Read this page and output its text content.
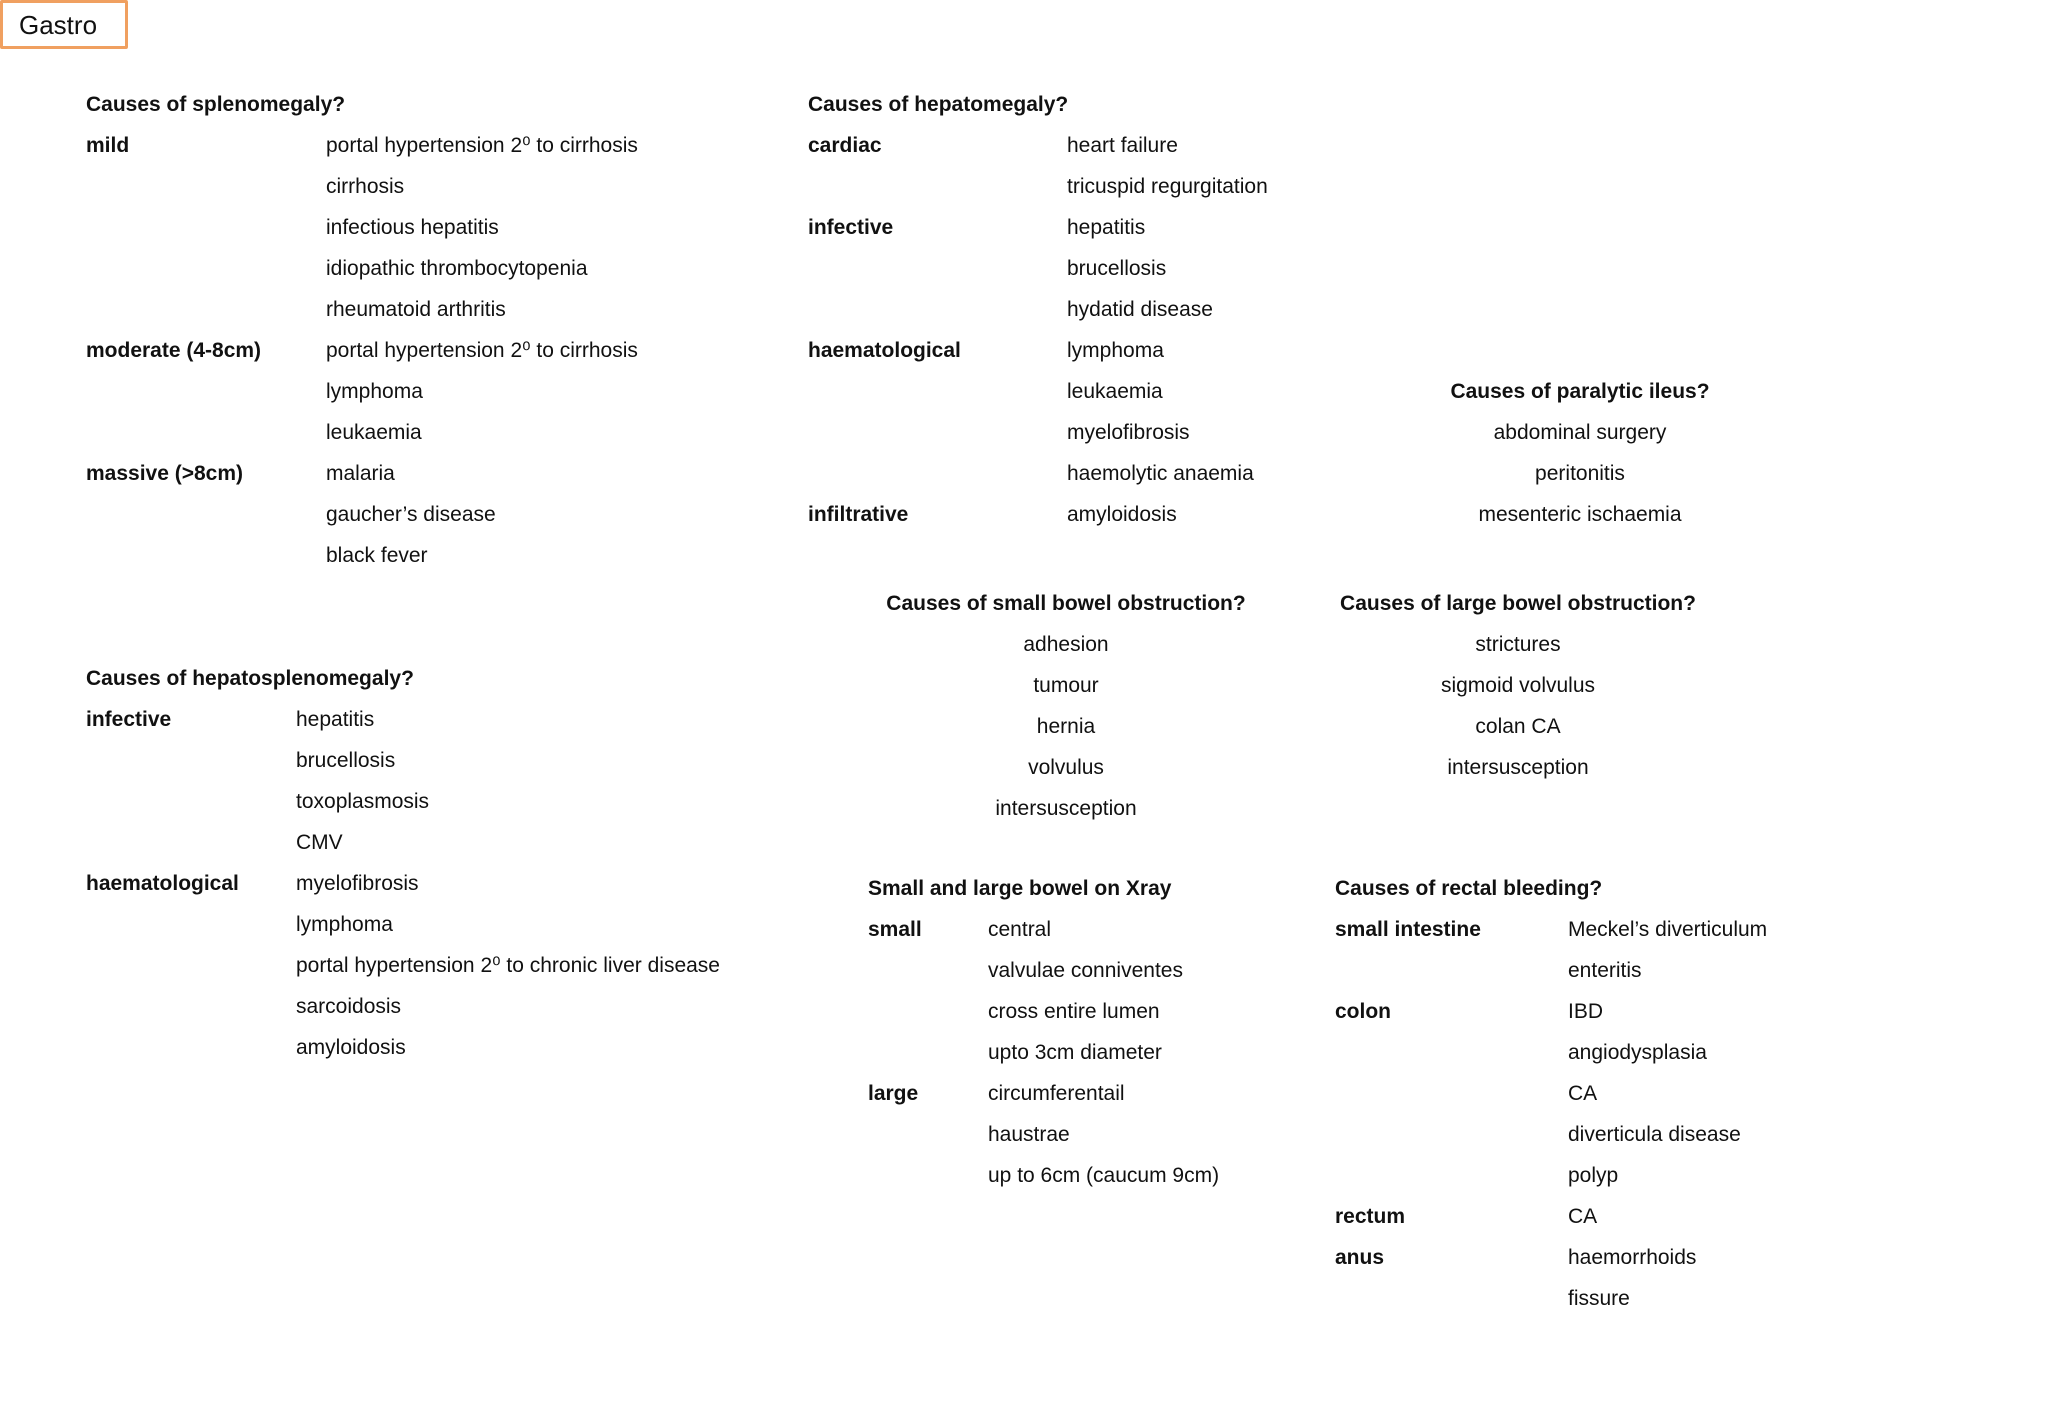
Gastro
Causes of splenomegaly?
mild	portal hypertension 2⁰ to cirrhosis
cirrhosis
infectious hepatitis
idiopathic thrombocytopenia
rheumatoid arthritis
moderate (4-8cm)	portal hypertension 2⁰ to cirrhosis
lymphoma
leukaemia
massive (>8cm)	malaria
gaucher’s disease
black fever
Causes of hepatomegaly?
cardiac	heart failure
tricuspid regurgitation
infective	hepatitis
brucellosis
hydatid disease
haematological	lymphoma
leukaemia
myelofibrosis
haemolytic anaemia
infiltrative	amyloidosis
Causes of paralytic ileus?
abdominal surgery
peritonitis
mesenteric ischaemia
Causes of small bowel obstruction?
adhesion
tumour
hernia
volvulus
intersusception
Causes of large bowel obstruction?
strictures
sigmoid volvulus
colan CA
intersusception
Causes of hepatosplenomegaly?
infective	hepatitis
brucellosis
toxoplasmosis
CMV
haematological	myelofibrosis
lymphoma
portal hypertension 2⁰ to chronic liver disease
sarcoidosis
amyloidosis
Small and large bowel on Xray
small	central
valvulae conniventes
cross entire lumen
upto 3cm diameter
large	circumferentail
haustrae
up to 6cm (caucum 9cm)
Causes of rectal bleeding?
small intestine	Meckel’s diverticulum
enteritis
colon	IBD
angiodysplasia
CA
diverticula disease
polyp
rectum	CA
anus	haemorrhoids
fissure
